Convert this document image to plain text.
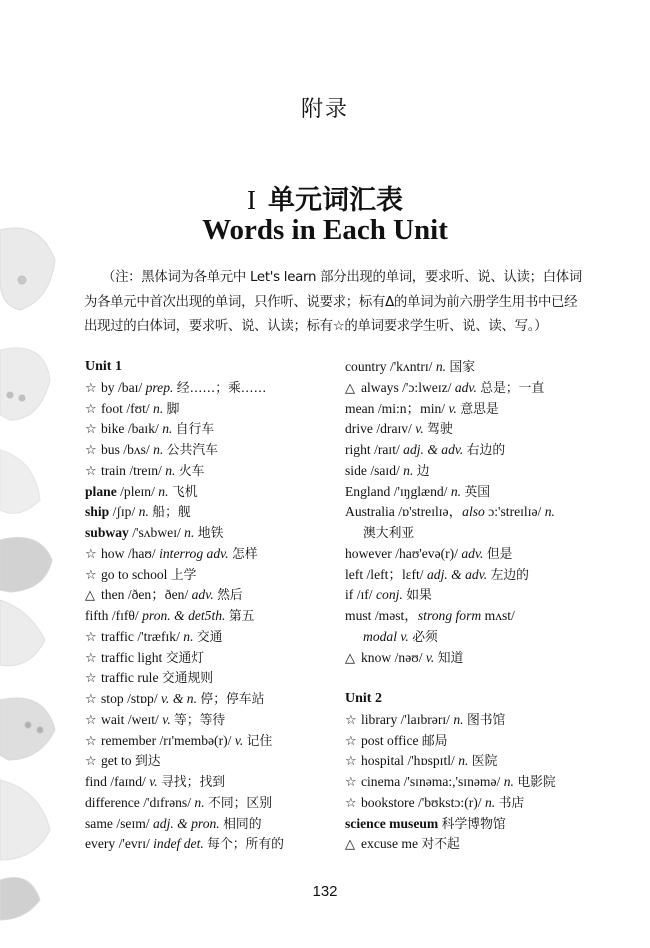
附录
I 单元词汇表
Words in Each Unit
（注：黑体词为各单元中 Let's learn 部分出现的单词，要求听、说、认读；白体词为各单元中首次出现的单词，只作听、说要求；标有Δ的单词为前六册学生用书中已经出现过的白体词，要求听、说、认读；标有☆的单词要求学生听、说、读、写。）
Unit 1
☆ by /baɪ/ prep. 经……；乘……
☆ foot /fʊt/ n. 脚
☆ bike /baɪk/ n. 自行车
☆ bus /bʌs/ n. 公共汽车
☆ train /treɪn/ n. 火车
plane /pleɪn/ n. 飞机
ship /ʃɪp/ n. 船；舰
subway /'sʌbweɪ/ n. 地铁
☆ how /haʊ/ interrog adv. 怎样
☆ go to school 上学
△ then /ðen；ðen/ adv. 然后
fifth /fɪfθ/ pron. & det5th. 第五
☆ traffic /'træfɪk/ n. 交通
☆ traffic light 交通灯
☆ traffic rule 交通规则
☆ stop /stɒp/ v. & n. 停；停车站
☆ wait /weɪt/ v. 等；等待
☆ remember /rɪ'membə(r)/ v. 记住
☆ get to 到达
find /faɪnd/ v. 寻找；找到
difference /'dɪfrəns/ n. 不同；区别
same /seɪm/ adj. & pron. 相同的
every /'evrɪ/ indef det. 每个；所有的
country /'kʌntrɪ/ n. 国家
△ always /'ɔ:lweɪz/ adv. 总是；一直
mean /mi:n；min/ v. 意思是
drive /draɪv/ v. 驾驶
right /raɪt/ adj. & adv. 右边的
side /saɪd/ n. 边
England /'ɪŋglænd/ n. 英国
Australia /ɒ'streɪlɪə，also ɔ:'streɪlɪə/ n.
澳大利亚
however /haʊ'evə(r)/ adv. 但是
left /left；lɛft/ adj. & adv. 左边的
if /ɪf/ conj. 如果
must /məst，strong form mʌst/
modal v. 必须
△ know /nəʊ/ v. 知道
Unit 2
☆ library /'laɪbrərɪ/ n. 图书馆
☆ post office 邮局
☆ hospital /'hɒspɪtl/ n. 医院
☆ cinema /'sɪnəma:,'sɪnəmə/ n. 电影院
☆ bookstore /'bʊkstɔ:(r)/ n. 书店
science museum 科学博物馆
△ excuse me 对不起
132
